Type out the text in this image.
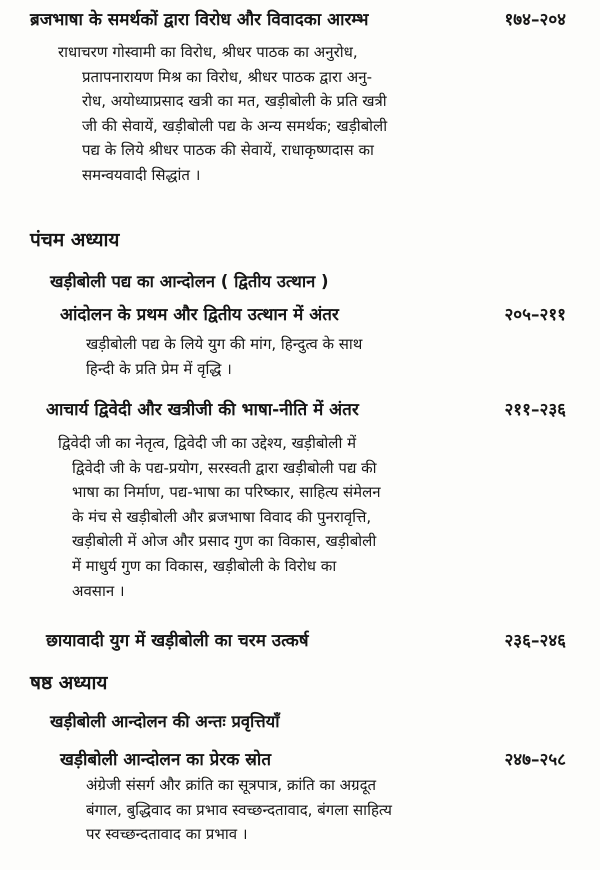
ब्रजभाषा के समर्थकों द्वारा विरोध और विवादका आरम्भ	१७४–२०४
राधाचरण गोस्वामी का विरोध, श्रीधर पाठक का अनुरोध,
प्रतापनारायण मिश्र का विरोध, श्रीधर पाठक द्वारा अनु-
रोध, अयोध्याप्रसाद खत्री का मत, खड़ीबोली के प्रति खत्री
जी की सेवायें, खड़ीबोली पद्य के अन्य समर्थक; खड़ीबोली
पद्य के लिये श्रीधर पाठक की सेवायें, राधाकृष्णदास का
समन्वयवादी सिद्धांत ।
पंचम अध्याय
खड़ीबोली पद्य का आन्दोलन ( द्वितीय उत्थान )
आंदोलन के प्रथम और द्वितीय उत्थान में अंतर	२०५–२११
खड़ीबोली पद्य के लिये युग की मांग, हिन्दुत्व के साथ
हिन्दी के प्रति प्रेम में वृद्धि ।
आचार्य द्विवेदी और खत्रीजी की भाषा-नीति में अंतर	२११–२३६
द्विवेदी जी का नेतृत्व, द्विवेदी जी का उद्देश्य, खड़ीबोली में
द्विवेदी जी के पद्य-प्रयोग, सरस्वती द्वारा खड़ीबोली पद्य की
भाषा का निर्माण, पद्य-भाषा का परिष्कार, साहित्य संमेलन
के मंच से खड़ीबोली और ब्रजभाषा विवाद की पुनरावृत्ति,
खड़ीबोली में ओज और प्रसाद गुण का विकास, खड़ीबोली
में माधुर्य गुण का विकास, खड़ीबोली के विरोध का
अवसान ।
छायावादी युग में खड़ीबोली का चरम उत्कर्ष	२३६–२४६
षष्ठ अध्याय
खड़ीबोली आन्दोलन की अन्तः प्रवृत्तियाँ
खड़ीबोली आन्दोलन का प्रेरक स्रोत	२४७–२५८
अंग्रेजी संसर्ग और क्रांति का सूत्रपात्र, क्रांति का अग्रदूत
बंगाल, बुद्धिवाद का प्रभाव स्वच्छन्दतावाद, बंगला साहित्य
पर स्वच्छन्दतावाद का प्रभाव ।
